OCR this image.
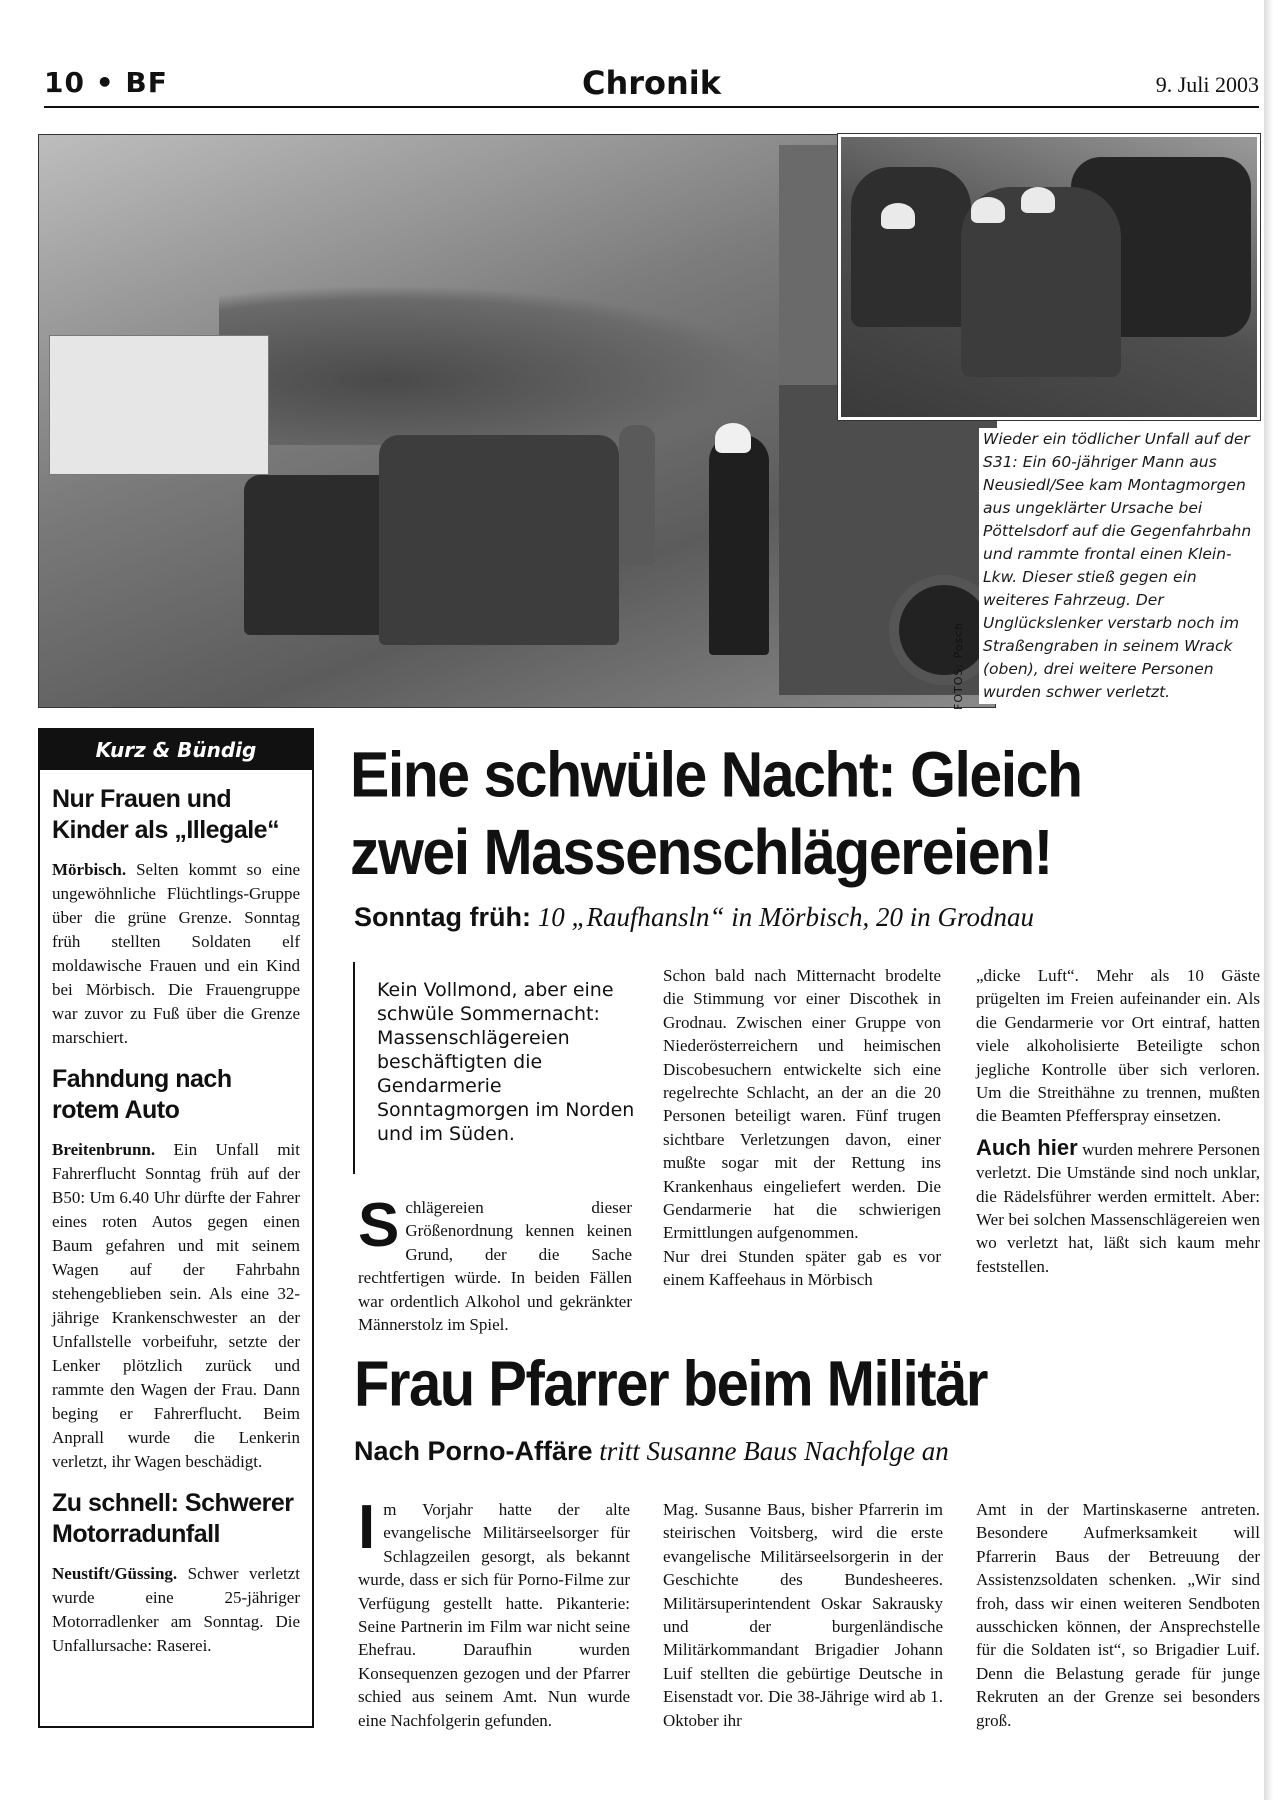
10 • BF	Chronik	9. Juli 2003
Wieder ein tödlicher Unfall auf der S31: Ein 60-jähriger Mann aus Neusiedl/See kam Montagmorgen aus ungeklärter Ursache bei Pöttelsdorf auf die Gegenfahrbahn und rammte frontal einen Klein-Lkw. Dieser stieß gegen ein weiteres Fahrzeug. Der Unglückslenker verstarb noch im Straßengraben in seinem Wrack (oben), drei weitere Personen wurden schwer verletzt.
FOTOS: Posch
Kurz & Bündig
Nur Frauen und Kinder als „Illegale“
Mörbisch. Selten kommt so eine ungewöhnliche Flüchtlings-Gruppe über die grüne Grenze. Sonntag früh stellten Soldaten elf moldawische Frauen und ein Kind bei Mörbisch. Die Frauengruppe war zuvor zu Fuß über die Grenze marschiert.
Fahndung nach rotem Auto
Breitenbrunn. Ein Unfall mit Fahrerflucht Sonntag früh auf der B50: Um 6.40 Uhr dürfte der Fahrer eines roten Autos gegen einen Baum gefahren und mit seinem Wagen auf der Fahrbahn stehengeblieben sein. Als eine 32-jährige Krankenschwester an der Unfallstelle vorbeifuhr, setzte der Lenker plötzlich zurück und rammte den Wagen der Frau. Dann beging er Fahrerflucht. Beim Anprall wurde die Lenkerin verletzt, ihr Wagen beschädigt.
Zu schnell: Schwerer Motorradunfall
Neustift/Güssing. Schwer verletzt wurde eine 25-jähriger Motorradlenker am Sonntag. Die Unfallursache: Raserei.
Eine schwüle Nacht: Gleich
zwei Massenschlägereien!
Sonntag früh: 10 „Raufhansln“ in Mörbisch, 20 in Grodnau
Kein Vollmond, aber eine schwüle Sommernacht: Massenschlägereien beschäftigten die Gendarmerie Sonntagmorgen im Norden und im Süden.
Schlägereien dieser Größenordnung kennen keinen Grund, der die Sache rechtfertigen würde. In beiden Fällen war ordentlich Alkohol und gekränkter Männerstolz im Spiel.
Schon bald nach Mitternacht brodelte die Stimmung vor einer Discothek in Grodnau. Zwischen einer Gruppe von Niederösterreichern und heimischen Discobesuchern entwickelte sich eine regelrechte Schlacht, an der an die 20 Personen beteiligt waren. Fünf trugen sichtbare Verletzungen davon, einer mußte sogar mit der Rettung ins Krankenhaus eingeliefert werden. Die Gendarmerie hat die schwierigen Ermittlungen aufgenommen.
Nur drei Stunden später gab es vor einem Kaffeehaus in Mörbisch
„dicke Luft“. Mehr als 10 Gäste prügelten im Freien aufeinander ein. Als die Gendarmerie vor Ort eintraf, hatten viele alkoholisierte Beteiligte schon jegliche Kontrolle über sich verloren. Um die Streithähne zu trennen, mußten die Beamten Pfefferspray einsetzen.
Auch hier wurden mehrere Personen verletzt. Die Umstände sind noch unklar, die Rädelsführer werden ermittelt. Aber: Wer bei solchen Massenschlägereien wen wo verletzt hat, läßt sich kaum mehr feststellen.
Frau Pfarrer beim Militär
Nach Porno-Affäre tritt Susanne Baus Nachfolge an
Im Vorjahr hatte der alte evangelische Militärseelsorger für Schlagzeilen gesorgt, als bekannt wurde, dass er sich für Porno-Filme zur Verfügung gestellt hatte. Pikanterie: Seine Partnerin im Film war nicht seine Ehefrau. Daraufhin wurden Konsequenzen gezogen und der Pfarrer schied aus seinem Amt. Nun wurde eine Nachfolgerin gefunden.
Mag. Susanne Baus, bisher Pfarrerin im steirischen Voitsberg, wird die erste evangelische Militärseelsorgerin in der Geschichte des Bundesheeres. Militärsuperintendent Oskar Sakrausky und der burgenländische Militärkommandant Brigadier Johann Luif stellten die gebürtige Deutsche in Eisenstadt vor. Die 38-Jährige wird ab 1. Oktober ihr
Amt in der Martinskaserne antreten. Besondere Aufmerksamkeit will Pfarrerin Baus der Betreuung der Assistenzsoldaten schenken. „Wir sind froh, dass wir einen weiteren Sendboten ausschicken können, der Ansprechstelle für die Soldaten ist“, so Brigadier Luif. Denn die Belastung gerade für junge Rekruten an der Grenze sei besonders groß.
